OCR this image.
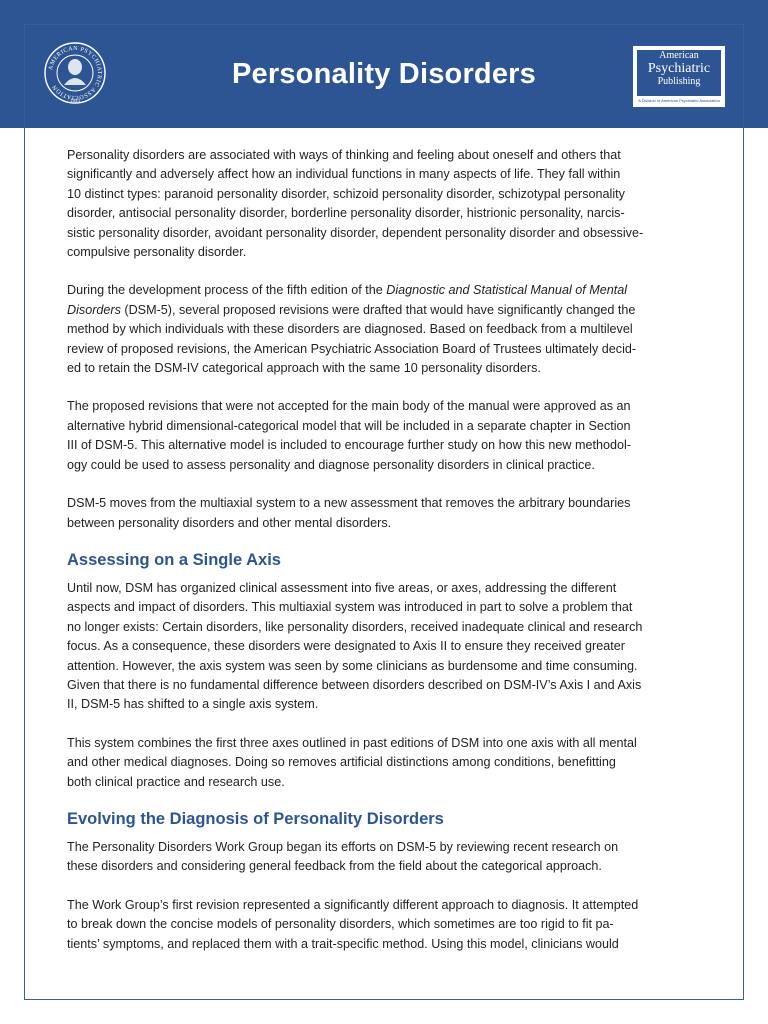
AMERICAN PSYCHIATRIC ASSOCIATION
1844
Personality Disorders
American
Psychiatric
Publishing
A Division of American Psychiatric Association

Personality disorders are associated with ways of thinking and feeling about oneself and others that
significantly and adversely affect how an individual functions in many aspects of life. They fall within
10 distinct types: paranoid personality disorder, schizoid personality disorder, schizotypal personality
disorder, antisocial personality disorder, borderline personality disorder, histrionic personality, narcis-
sistic personality disorder, avoidant personality disorder, dependent personality disorder and obsessive-
compulsive personality disorder.

During the development process of the fifth edition of the Diagnostic and Statistical Manual of Mental
Disorders (DSM-5), several proposed revisions were drafted that would have significantly changed the
method by which individuals with these disorders are diagnosed. Based on feedback from a multilevel
review of proposed revisions, the American Psychiatric Association Board of Trustees ultimately decid-
ed to retain the DSM-IV categorical approach with the same 10 personality disorders.

The proposed revisions that were not accepted for the main body of the manual were approved as an
alternative hybrid dimensional-categorical model that will be included in a separate chapter in Section
III of DSM-5. This alternative model is included to encourage further study on how this new methodol-
ogy could be used to assess personality and diagnose personality disorders in clinical practice.

DSM-5 moves from the multiaxial system to a new assessment that removes the arbitrary boundaries
between personality disorders and other mental disorders.

Assessing on a Single Axis

Until now, DSM has organized clinical assessment into five areas, or axes, addressing the different
aspects and impact of disorders. This multiaxial system was introduced in part to solve a problem that
no longer exists: Certain disorders, like personality disorders, received inadequate clinical and research
focus. As a consequence, these disorders were designated to Axis II to ensure they received greater
attention. However, the axis system was seen by some clinicians as burdensome and time consuming.
Given that there is no fundamental difference between disorders described on DSM-IV’s Axis I and Axis
II, DSM-5 has shifted to a single axis system.

This system combines the first three axes outlined in past editions of DSM into one axis with all mental
and other medical diagnoses. Doing so removes artificial distinctions among conditions, benefitting
both clinical practice and research use.

Evolving the Diagnosis of Personality Disorders

The Personality Disorders Work Group began its efforts on DSM-5 by reviewing recent research on
these disorders and considering general feedback from the field about the categorical approach.

The Work Group’s first revision represented a significantly different approach to diagnosis. It attempted
to break down the concise models of personality disorders, which sometimes are too rigid to fit pa-
tients’ symptoms, and replaced them with a trait-specific method. Using this model, clinicians would
